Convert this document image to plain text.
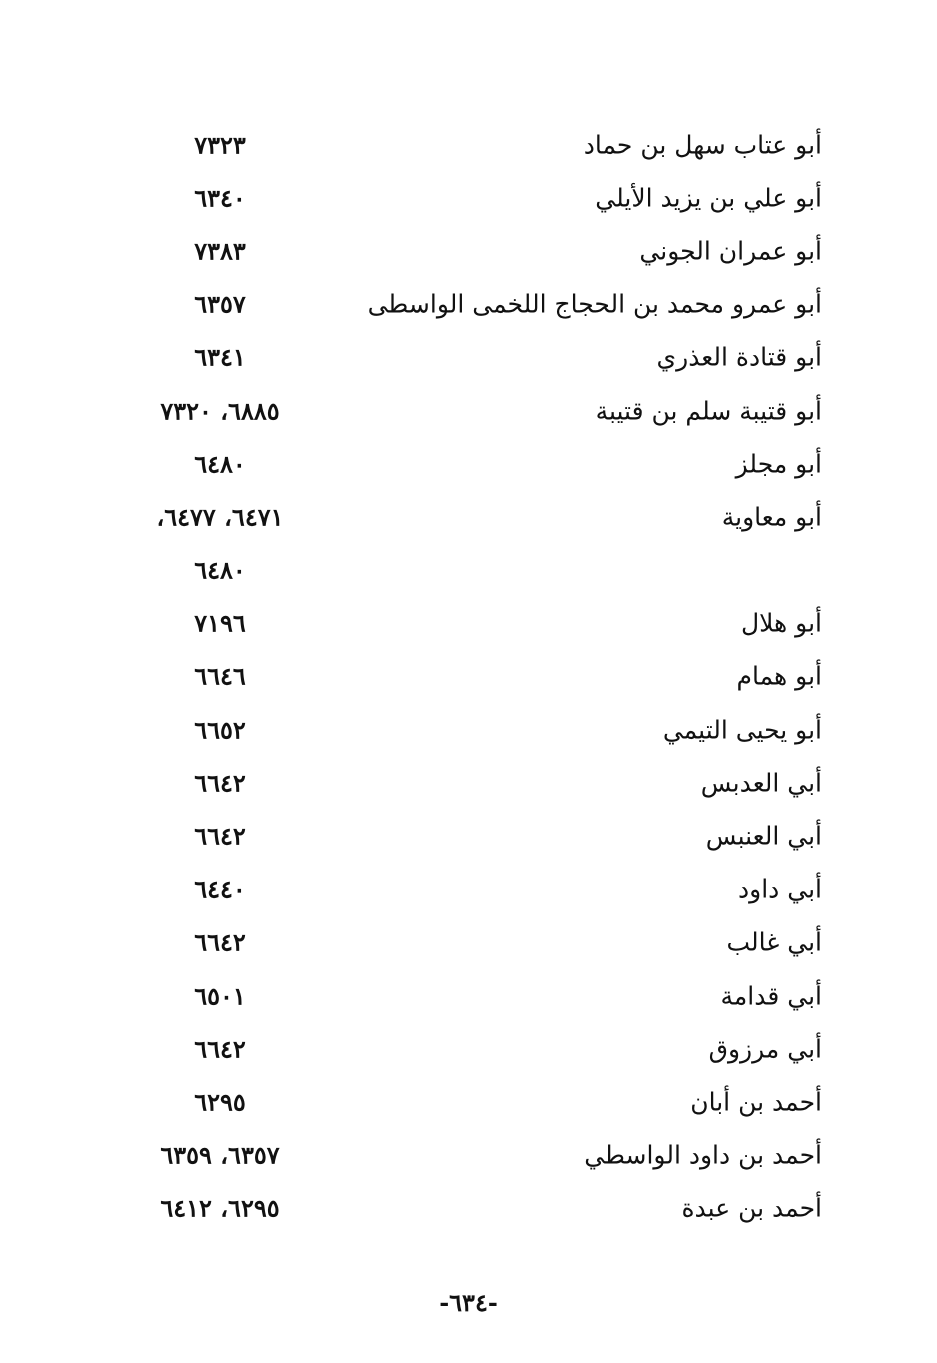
أبو عتاب سهل بن حماد
٧٣٢٣
أبو علي بن يزيد الأيلي
٦٣٤٠
أبو عمران الجوني
٧٣٨٣
أبو عمرو محمد بن الحجاج اللخمى الواسطى
٦٣٥٧
أبو قتادة العذري
٦٣٤١
أبو قتيبة سلم بن قتيبة
٦٨٨٥، ٧٣٢٠
أبو مجلز
٦٤٨٠
أبو معاوية
٦٤٧١، ٦٤٧٧،
٦٤٨٠
أبو هلال
٧١٩٦
أبو همام
٦٦٤٦
أبو يحيى التيمي
٦٦٥٢
أبي العدبس
٦٦٤٢
أبي العنبس
٦٦٤٢
أبي داود
٦٤٤٠
أبي غالب
٦٦٤٢
أبي قدامة
٦٥٠١
أبي مرزوق
٦٦٤٢
أحمد بن أبان
٦٢٩٥
أحمد بن داود الواسطي
٦٣٥٧، ٦٣٥٩
أحمد بن عبدة
٦٢٩٥، ٦٤١٢
-٦٣٤-
